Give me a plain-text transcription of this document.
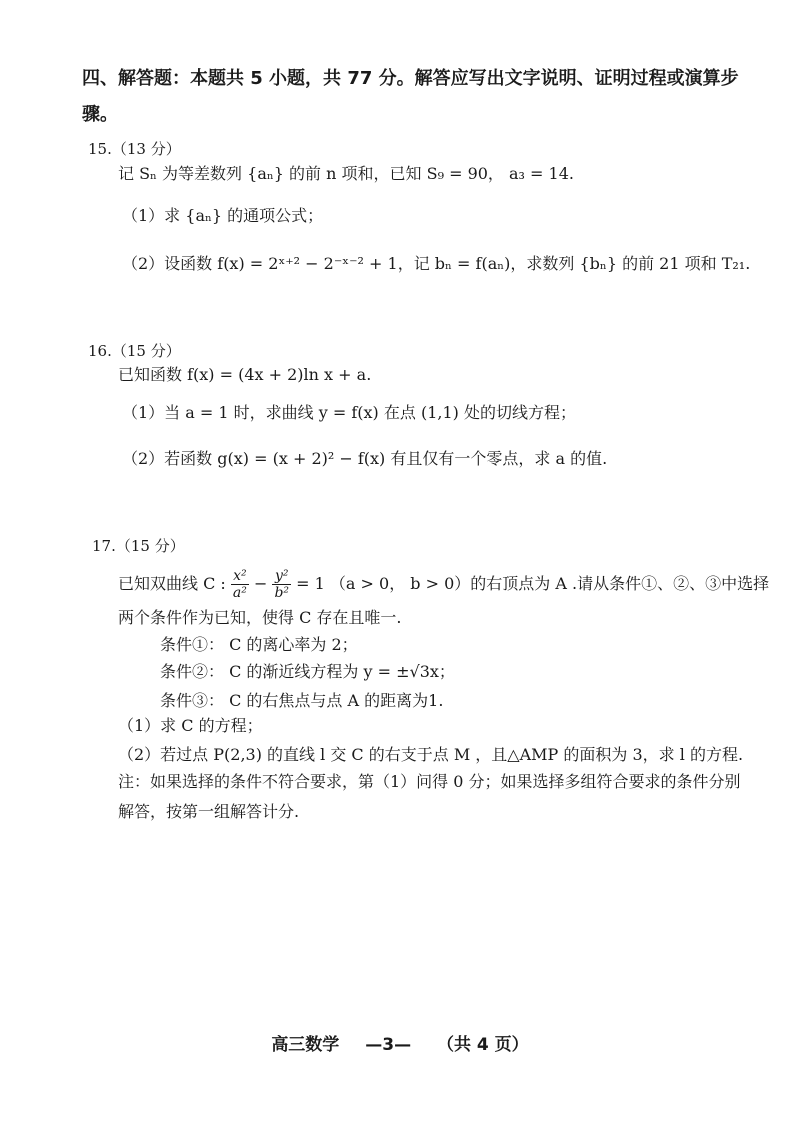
四、解答题：本题共 5 小题，共 77 分。解答应写出文字说明、证明过程或演算步
骤。
15.（13 分）
记 Sₙ 为等差数列 {aₙ} 的前 n 项和，已知 S₉ = 90， a₃ = 14.
（1）求 {aₙ} 的通项公式；
（2）设函数 f(x) = 2ˣ⁺² − 2⁻ˣ⁻² + 1，记 bₙ = f(aₙ)，求数列 {bₙ} 的前 21 项和 T₂₁.
16.（15 分）
已知函数 f(x) = (4x + 2)ln x + a.
（1）当 a = 1 时，求曲线 y = f(x) 在点 (1,1) 处的切线方程；
（2）若函数 g(x) = (x + 2)² − f(x) 有且仅有一个零点，求 a 的值.
17.（15 分）
已知双曲线 C : $\frac{\text{x²}}{\text{a²}} - \frac{\text{y²}}{\text{b²}} = 1$ （a > 0， b > 0）的右顶点为 A .请从条件①、②、③中选择
两个条件作为已知，使得 C 存在且唯一.
条件①： C 的离心率为 2；
条件②： C 的渐近线方程为 y = ±√3x；
条件③： C 的右焦点与点 A 的距离为1.
（1）求 C 的方程；
（2）若过点 P(2,3) 的直线 l 交 C 的右支于点 M ，且△AMP 的面积为 3，求 l 的方程.
注：如果选择的条件不符合要求，第（1）问得 0 分；如果选择多组符合要求的条件分别
解答，按第一组解答计分.
高三数学 —3— （共 4 页）
